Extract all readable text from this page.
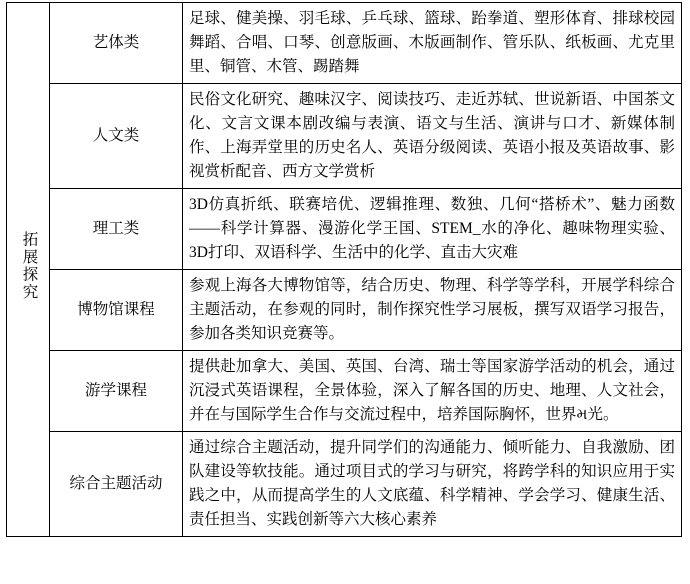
拓展探究	艺体类	足球、健美操、羽毛球、乒乓球、篮球、跆拳道、塑形体育、排球校园舞蹈、合唱、口琴、创意版画、木版画制作、管乐队、纸板画、尤克里里、铜管、木管、踢踏舞

	人文类	民俗文化研究、趣味汉字、阅读技巧、走近苏轼、世说新语、中国茶文化、文言文课本剧改编与表演、语文与生活、演讲与口才、新媒体制作、上海弄堂里的历史名人、英语分级阅读、英语小报及英语故事、影视赏析配音、西方文学赏析

	理工类	3D仿真折纸、联赛培优、逻辑推理、数独、几何“搭桥术”、魅力函数——科学计算器、漫游化学王国、STEM_水的净化、趣味物理实验、3D打印、双语科学、生活中的化学、直击大灾难

	博物馆课程	参观上海各大博物馆等，结合历史、物理、科学等学科，开展学科综合主题活动，在参观的同时，制作探究性学习展板，撰写双语学习报告，参加各类知识竞赛等。

	游学课程	提供赴加拿大、美国、英国、台湾、瑞士等国家游学活动的机会，通过沉浸式英语课程，全景体验，深入了解各国的历史、地理、人文社会，并在与国际学生合作与交流过程中，培养国际胸怀，世界મ光。

	综合主题活动	通过综合主题活动，提升同学们的沟通能力、倾听能力、自我激励、团队建设等软技能。通过项目式的学习与研究，将跨学科的知识应用于实践之中，从而提高学生的人文底蕴、科学精神、学会学习、健康生活、责任担当、实践创新等六大核心素养
